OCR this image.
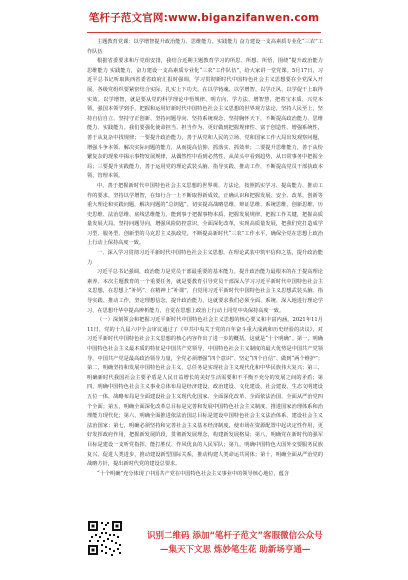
笔杆子范文官网:www.biganzifanwen.com

主题教育党课：以学增智提升政治能力、思维能力、实践能力 奋力建设一支高素质专业化“三农”工作队伍

根据省委要求和厅党组安排，我结合近期主题教育学习的所思、所想、所悟，围绕“提升政治能力 思维能力 实践能力，奋力建设一支高素质专业化“三农”工作队伍”，给大家讲一堂党课。5月17日，习近平总书记听取陕西省委省政府汇报时强调，学习贯彻新时代中国特色社会主义思想要在全党深入开展，各级党组织要紧密结合实际，扎实上下功夫，在以学铸魂、以学增智、以学正风、以学促干上取得实效。以学增智，就是要从党的科学理论中悟规律、明方向、学方法、增智慧，把着宝本质、兴党本领，强国本领学到手，把握和运用好新时代中国特色社会主义思想的世界观方法论，坚持人民至上、坚持自信自立、坚持守正创新、坚持问题导向、坚持系统观念、坚持胸怀天下，不断提高政治能力、思维能力、实践能力。我们要强化使命担当、担当作为，更好做到把握规律性、富于创造性、增强系统性，善于从复杂中找规律；一要提升政治能力，善于从党和人民的立场、党和国家工作大局出发观察问题，增强斗争本领、解决实际问题的能力，从而提高信仰、抓落实、抓效率；二要提升思维能力，善于从纷繁复杂的现象中揭示事物发展规律，从偶然性中看到必然性，从苗头中看到趋势，从日常事务中把握全局；三要提升实践能力，善于运用党的理论武装头脑、指导实践、推动工作，不断提高党员干部执政本领、管理本领。

中，善于把握新时代中国特色社会主义思想的世界观、方法论，按照抓实学习、提高能力、推动工作的要求，坚持以学增智，在知行合一上不断取得新成效。正确认识和把握发展、安全、改革、创新等重大理论和实践问题，解决问题的“总钥匙”。切实提高战略思维、辩证思维、系统思维、创新思维、历史思维、法治思维、底线思维能力，能到事于把握事物本质、把握发展规律、把握工作关键，把握高质量发展大局。坚持问题导向，增强风险防控意识，全面深化改革，实现高质量发展，把我们党打造成学习型、服务型、创新型的马克思主义执政党，不断提高新时代“三农”工作水平，确保全党在思想上政治上行动上保持高度一致。

一、深入学习贯彻习近平新时代中国特色社会主义思想，在理论武装中筑牢信仰之基，提升政治能力

习近平总书记强调，政治能力是党员干部最重要的基本能力。提升政治能力最根本的在于提高理论素养。本次主题教育的一个重要任务，就是要教育引导党员干部深入学习习近平新时代中国特色社会主义思想，在思想上“补钙”、在精神上“补课”，自觉用习近平新时代中国特色社会主义思想武装头脑、指导实践、推动工作，坚定理想信念，提升政治能力，这就要求我们必须全面、系统、深入地进行理论学习，在思想升华中提高辨析能力，自觉在思想上政治上行动上同党中央保持高度一致。

（一）深刻领会和把握习近平新时代中国特色社会主义思想的核心要义和丰富内涵。2021年11月11日，党的十九届六中全会审议通过了《中共中央关于党的百年奋斗重大成就和历史经验的决议》，对习近平新时代中国特色社会主义思想的核心内容作出了进一步的概括。这就是“十个明确”。第一，明确中国特色社会主义最本质的特征是中国共产党领导，中国特色社会主义制度的最大优势是中国共产党领导，中国共产党是最高政治领导力量，全党必须增强“四个意识”、坚定“四个自信”、做到“两个维护”；第二，明确坚持和发展中国特色社会主义，总任务是实现社会主义现代化和中华民族伟大复兴；第三，明确新时代我国社会主要矛盾是人民日益增长的美好生活需要和不平衡不充分的发展之间的矛盾；第四，明确中国特色社会主义事业总体布局是经济建设、政治建设、文化建设、社会建设、生态文明建设五位一体，战略布局是全面建设社会主义现代化国家、全面深化改革、全面依法治国、全面从严治党四个全面；第五，明确全面深化改革总目标是完善和发展中国特色社会主义制度、推进国家治理体系和治理能力现代化；第六，明确全面推进依法治国总目标是建设中国特色社会主义法治体系、建设社会主义法治国家；第七，明确必须坚持和完善社会主义基本经济制度，使市场在资源配置中起决定性作用，更好发挥政府作用，把握新发展阶段，贯彻新发展理念，构建新发展格局；第八，明确党在新时代的强军目标是建设一支听党指挥、能打胜仗、作风优良的人民军队；第九，明确中国特色大国外交要服务民族复兴、促进人类进步，推动建设新型国际关系，推动构建人类命运共同体；第十，明确全面从严治党的战略方针，提出新时代党的建设总要求。

“十个明确”充分体现了中国共产党在中国特色社会主义事业中的领导核心地位，蕴含

识别二维码 添加“笔杆子范文”客服微信公众号
—集天下文思 炼妙笔生花 助新场亨通—
